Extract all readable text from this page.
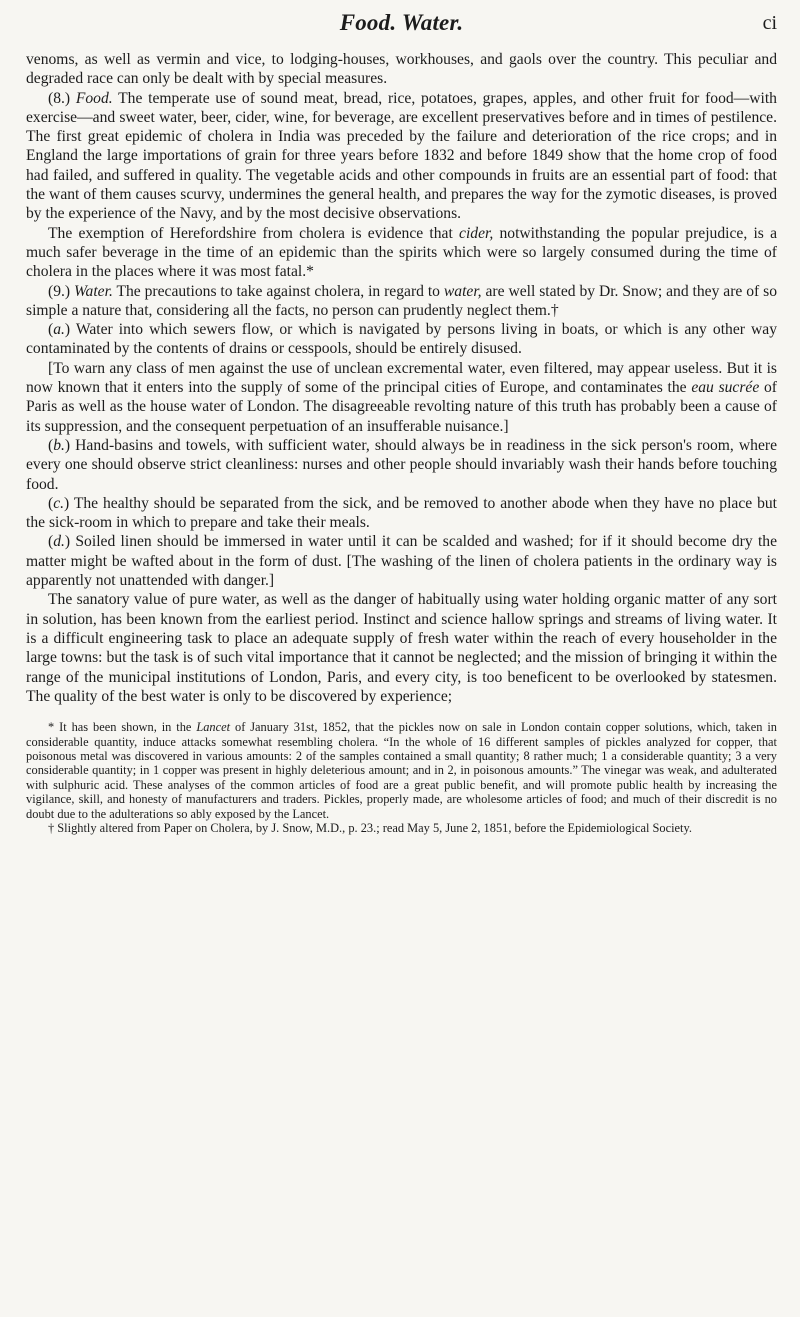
Food. Water.	ci

venoms, as well as vermin and vice, to lodging-houses, workhouses, and gaols over the country. This peculiar and degraded race can only be dealt with by special measures.

(8.) Food. The temperate use of sound meat, bread, rice, potatoes, grapes, apples, and other fruit for food—with exercise—and sweet water, beer, cider, wine, for beverage, are excellent preservatives before and in times of pestilence. The first great epidemic of cholera in India was preceded by the failure and deterioration of the rice crops; and in England the large importations of grain for three years before 1832 and before 1849 show that the home crop of food had failed, and suffered in quality. The vegetable acids and other compounds in fruits are an essential part of food: that the want of them causes scurvy, undermines the general health, and prepares the way for the zymotic diseases, is proved by the experience of the Navy, and by the most decisive observations.

The exemption of Herefordshire from cholera is evidence that cider, notwithstanding the popular prejudice, is a much safer beverage in the time of an epidemic than the spirits which were so largely consumed during the time of cholera in the places where it was most fatal.*

(9.) Water. The precautions to take against cholera, in regard to water, are well stated by Dr. Snow; and they are of so simple a nature that, considering all the facts, no person can prudently neglect them.†

(a.) Water into which sewers flow, or which is navigated by persons living in boats, or which is any other way contaminated by the contents of drains or cesspools, should be entirely disused.

[To warn any class of men against the use of unclean excremental water, even filtered, may appear useless. But it is now known that it enters into the supply of some of the principal cities of Europe, and contaminates the eau sucrée of Paris as well as the house water of London. The disagreeable revolting nature of this truth has probably been a cause of its suppression, and the consequent perpetuation of an insufferable nuisance.]

(b.) Hand-basins and towels, with sufficient water, should always be in readiness in the sick person's room, where every one should observe strict cleanliness: nurses and other people should invariably wash their hands before touching food.

(c.) The healthy should be separated from the sick, and be removed to another abode when they have no place but the sick-room in which to prepare and take their meals.

(d.) Soiled linen should be immersed in water until it can be scalded and washed; for if it should become dry the matter might be wafted about in the form of dust. [The washing of the linen of cholera patients in the ordinary way is apparently not unattended with danger.]

The sanatory value of pure water, as well as the danger of habitually using water holding organic matter of any sort in solution, has been known from the earliest period. Instinct and science hallow springs and streams of living water. It is a difficult engineering task to place an adequate supply of fresh water within the reach of every householder in the large towns: but the task is of such vital importance that it cannot be neglected; and the mission of bringing it within the range of the municipal institutions of London, Paris, and every city, is too beneficent to be overlooked by statesmen. The quality of the best water is only to be discovered by experience;

* It has been shown, in the Lancet of January 31st, 1852, that the pickles now on sale in London contain copper solutions, which, taken in considerable quantity, induce attacks somewhat resembling cholera. “In the whole of 16 different samples of pickles analyzed for copper, that poisonous metal was discovered in various amounts: 2 of the samples contained a small quantity; 8 rather much; 1 a considerable quantity; 3 a very considerable quantity; in 1 copper was present in highly deleterious amount; and in 2, in poisonous amounts.” The vinegar was weak, and adulterated with sulphuric acid. These analyses of the common articles of food are a great public benefit, and will promote public health by increasing the vigilance, skill, and honesty of manufacturers and traders. Pickles, properly made, are wholesome articles of food; and much of their discredit is no doubt due to the adulterations so ably exposed by the Lancet.

† Slightly altered from Paper on Cholera, by J. Snow, M.D., p. 23.; read May 5, June 2, 1851, before the Epidemiological Society.
